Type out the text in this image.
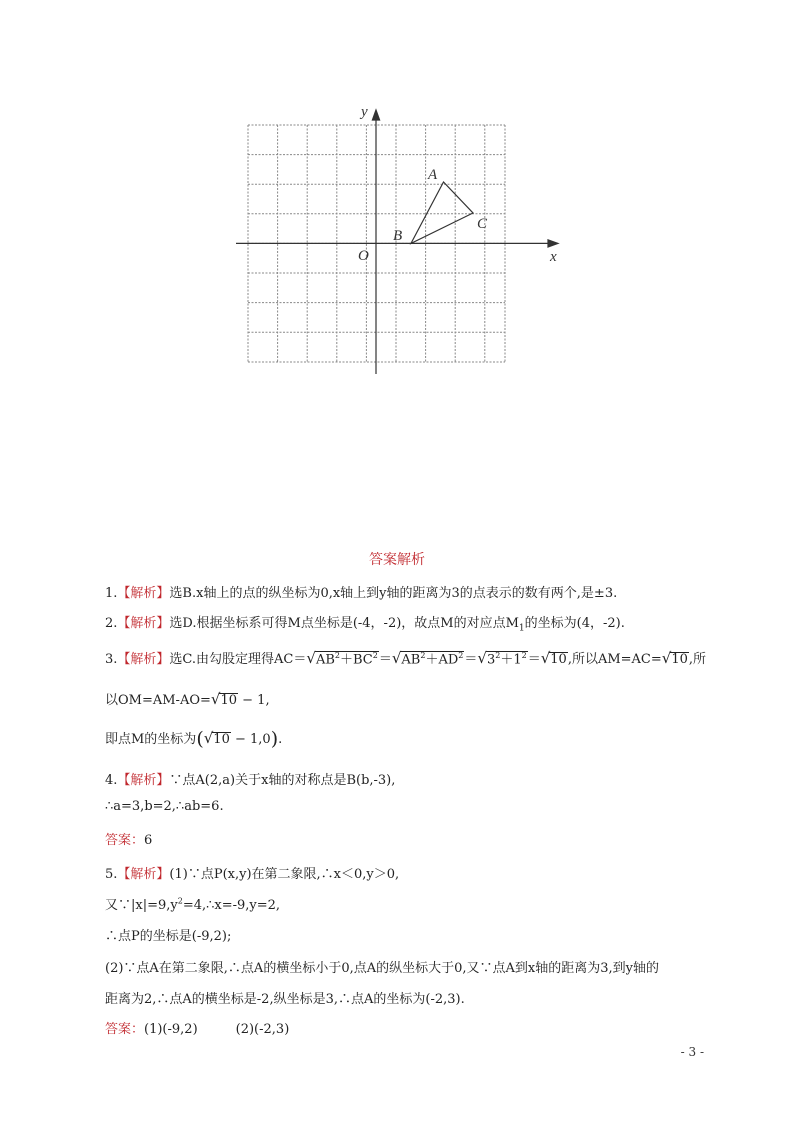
x
y
O
A
B
C
答案解析
1.【解析】选B.x轴上的点的纵坐标为0,x轴上到y轴的距离为3的点表示的数有两个,是±3.
2.【解析】选D.根据坐标系可得M点坐标是(-4，-2)，故点M的对应点$M_1$的坐标为(4，-2).
3.【解析】选C.由勾股定理得$AC=√AB^2+BC^2=√AB^2+AD^2=√3^2+1^2=√10$,所以AM=AC=√10,所
以OM=AM-AO=√10 − 1,
即点M的坐标为(√10 − 1,0).
4.【解析】∵点A(2,a)关于x轴的对称点是B(b,-3),
∴a=3,b=2,∴ab=6.
答案：6
5.【解析】(1)∵点P(x,y)在第二象限,∴x＜0,y＞0,
又$\because|x|=9,y^2=4,\therefore x=-9,y=2$,
∴点P的坐标是(-9,2);
(2)∵点A在第二象限,∴点A的横坐标小于0,点A的纵坐标大于0,又∵点A到x轴的距离为3,到y轴的
距离为2,∴点A的横坐标是-2,纵坐标是3,∴点A的坐标为(-2,3).
答案：(1)(-9,2)	(2)(-2,3)
- 3 -
